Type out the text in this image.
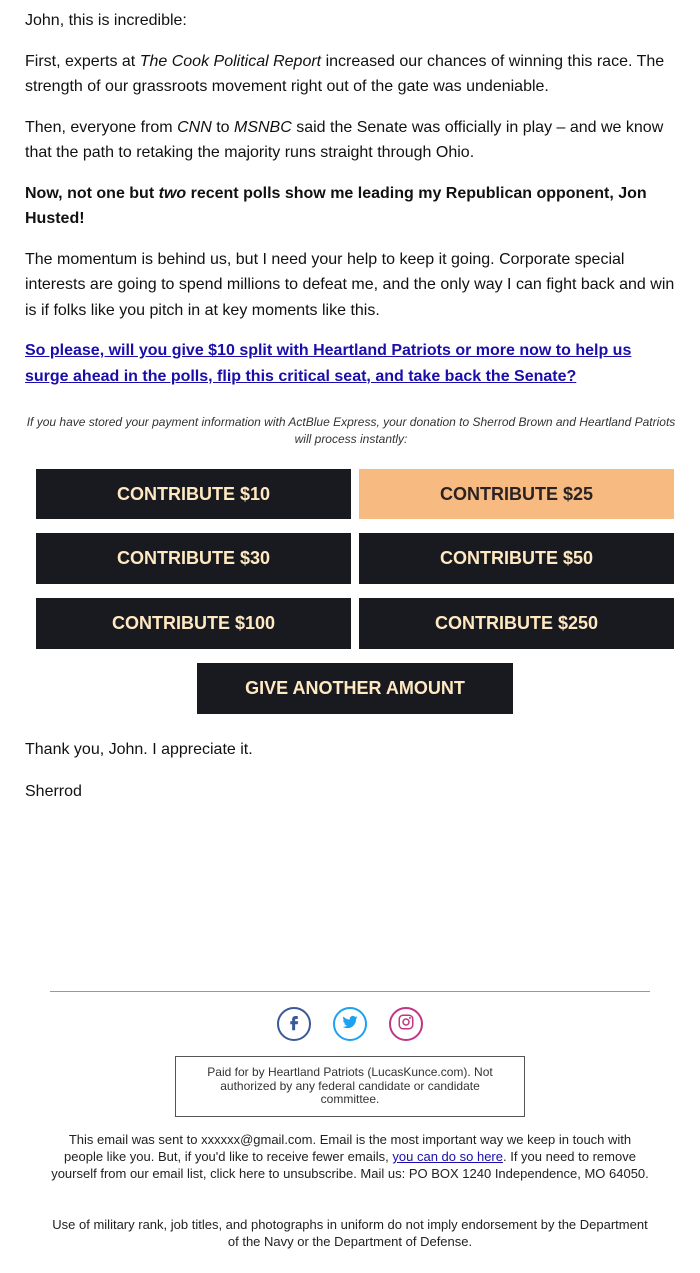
John, this is incredible:

First, experts at The Cook Political Report increased our chances of winning this race. The strength of our grassroots movement right out of the gate was undeniable.

Then, everyone from CNN to MSNBC said the Senate was officially in play – and we know that the path to retaking the majority runs straight through Ohio.

Now, not one but two recent polls show me leading my Republican opponent, Jon Husted!

The momentum is behind us, but I need your help to keep it going. Corporate special interests are going to spend millions to defeat me, and the only way I can fight back and win is if folks like you pitch in at key moments like this.

So please, will you give $10 split with Heartland Patriots or more now to help us surge ahead in the polls, flip this critical seat, and take back the Senate?

If you have stored your payment information with ActBlue Express, your donation to Sherrod Brown and Heartland Patriots will process instantly:

CONTRIBUTE $10	CONTRIBUTE $25
CONTRIBUTE $30	CONTRIBUTE $50
CONTRIBUTE $100	CONTRIBUTE $250
GIVE ANOTHER AMOUNT

Thank you, John. I appreciate it.

Sherrod

Paid for by Heartland Patriots (LucasKunce.com). Not authorized by any federal candidate or candidate committee.

This email was sent to xxxxxx@gmail.com. Email is the most important way we keep in touch with people like you. But, if you'd like to receive fewer emails, you can do so here. If you need to remove yourself from our email list, click here to unsubscribe. Mail us: PO BOX 1240 Independence, MO 64050.

Use of military rank, job titles, and photographs in uniform do not imply endorsement by the Department of the Navy or the Department of Defense.
